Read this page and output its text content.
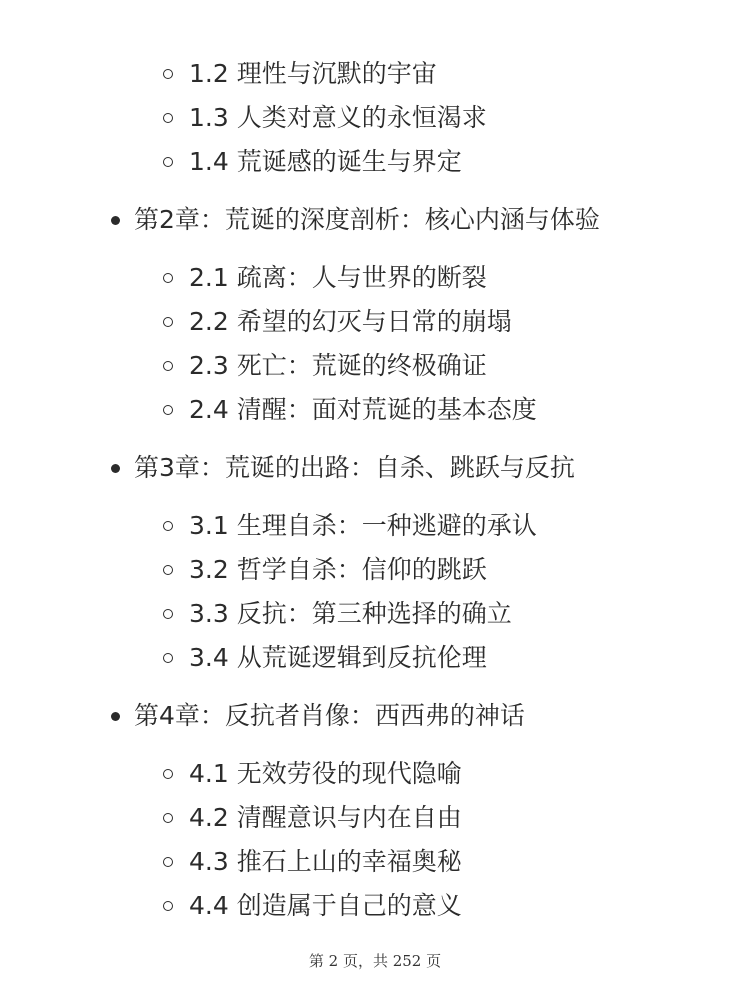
1.2 理性与沉默的宇宙
1.3 人类对意义的永恒渴求
1.4 荒诞感的诞生与界定
第2章：荒诞的深度剖析：核心内涵与体验
2.1 疏离：人与世界的断裂
2.2 希望的幻灭与日常的崩塌
2.3 死亡：荒诞的终极确证
2.4 清醒：面对荒诞的基本态度
第3章：荒诞的出路：自杀、跳跃与反抗
3.1 生理自杀：一种逃避的承认
3.2 哲学自杀：信仰的跳跃
3.3 反抗：第三种选择的确立
3.4 从荒诞逻辑到反抗伦理
第4章：反抗者肖像：西西弗的神话
4.1 无效劳役的现代隐喻
4.2 清醒意识与内在自由
4.3 推石上山的幸福奥秘
4.4 创造属于自己的意义
第 2 页，共 252 页
